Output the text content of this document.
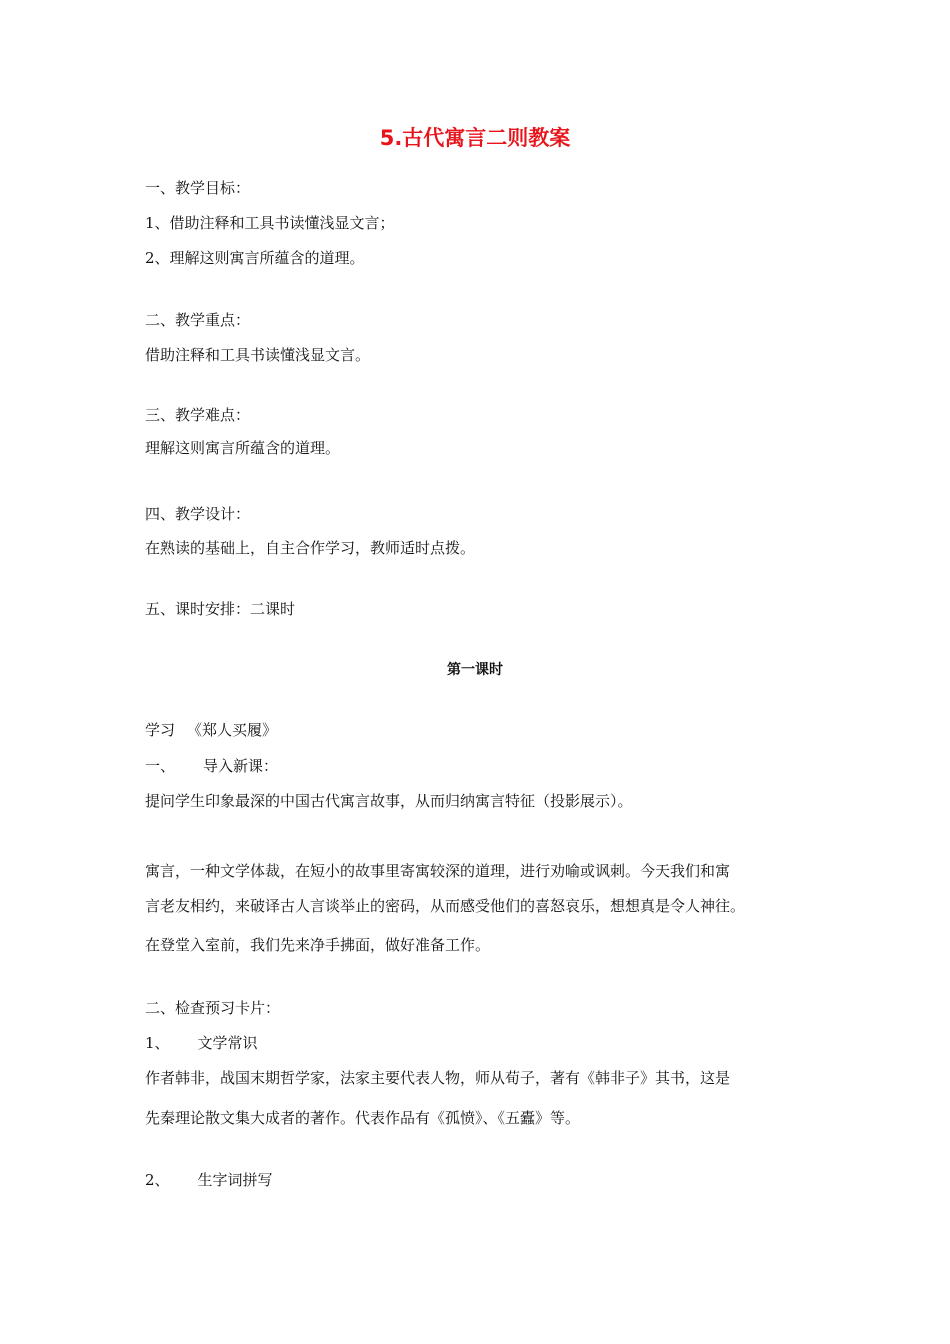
5.古代寓言二则教案

一、教学目标：

1、借助注释和工具书读懂浅显文言；

2、理解这则寓言所蕴含的道理。

二、教学重点：

借助注释和工具书读懂浅显文言。

三、教学难点：

理解这则寓言所蕴含的道理。

四、教学设计：

在熟读的基础上，自主合作学习，教师适时点拨。

五、课时安排：二课时

第一课时

学习 《郑人买履》

一、 导入新课：

提问学生印象最深的中国古代寓言故事，从而归纳寓言特征（投影展示）。

寓言，一种文学体裁，在短小的故事里寄寓较深的道理，进行劝喻或讽刺。今天我们和寓

言老友相约，来破译古人言谈举止的密码，从而感受他们的喜怒哀乐，想想真是令人神往。

在登堂入室前，我们先来净手拂面，做好准备工作。

二、检查预习卡片：

1、 文学常识

作者韩非，战国末期哲学家，法家主要代表人物，师从荀子，著有《韩非子》其书，这是

先秦理论散文集大成者的著作。代表作品有《孤愤》、《五蠹》等。

2、 生字词拼写
